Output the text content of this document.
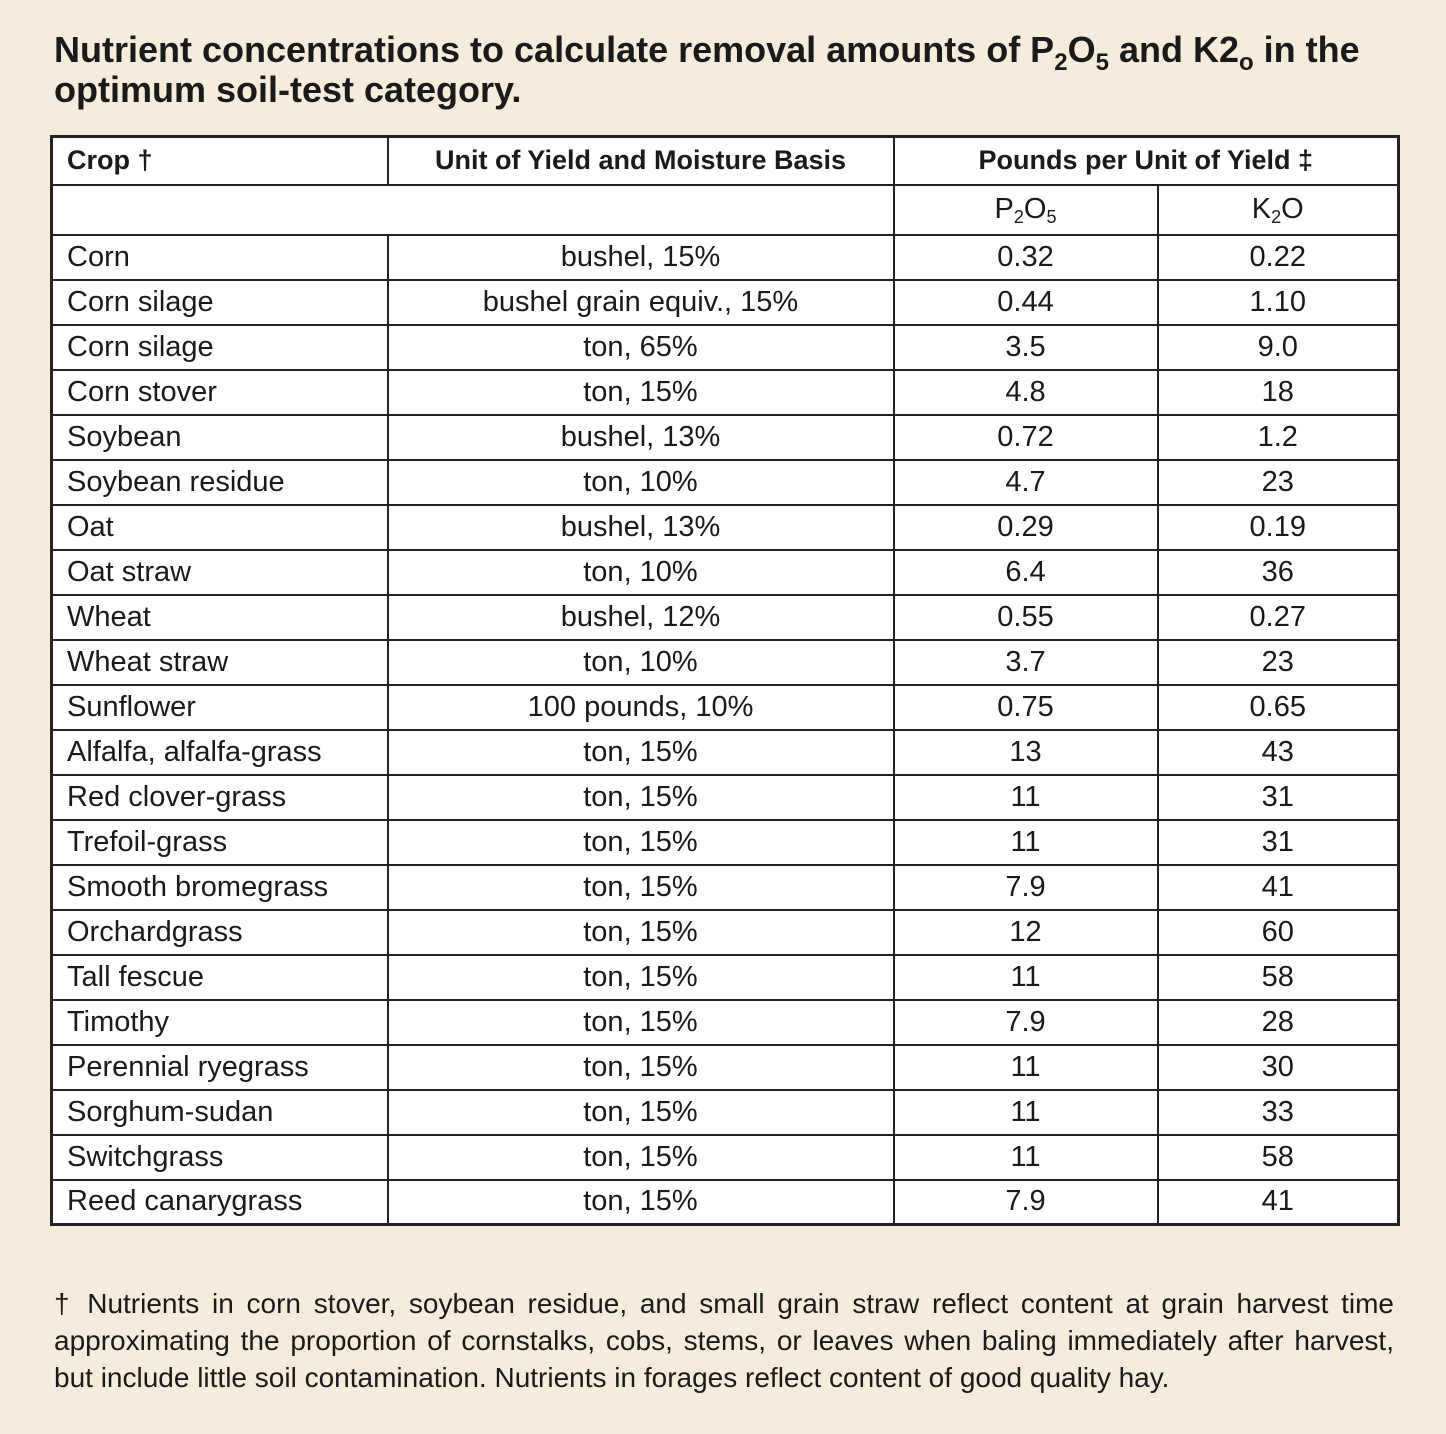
Nutrient concentrations to calculate removal amounts of $P_2O_5$ and $K2_o$ in the optimum soil-test category.
Crop †	Unit of Yield and Moisture Basis	Pounds per Unit of Yield ‡	
		$P_2O_5$	$K_2O$
Corn	bushel, 15%	0.32	0.22
Corn silage	bushel grain equiv., 15%	0.44	1.10
Corn silage	ton, 65%	3.5	9.0
Corn stover	ton, 15%	4.8	18
Soybean	bushel, 13%	0.72	1.2
Soybean residue	ton, 10%	4.7	23
Oat	bushel, 13%	0.29	0.19
Oat straw	ton, 10%	6.4	36
Wheat	bushel, 12%	0.55	0.27
Wheat straw	ton, 10%	3.7	23
Sunflower	100 pounds, 10%	0.75	0.65
Alfalfa, alfalfa-grass	ton, 15%	13	43
Red clover-grass	ton, 15%	11	31
Trefoil-grass	ton, 15%	11	31
Smooth bromegrass	ton, 15%	7.9	41
Orchardgrass	ton, 15%	12	60
Tall fescue	ton, 15%	11	58
Timothy	ton, 15%	7.9	28
Perennial ryegrass	ton, 15%	11	30
Sorghum-sudan	ton, 15%	11	33
Switchgrass	ton, 15%	11	58
Reed canarygrass	ton, 15%	7.9	41

† Nutrients in corn stover, soybean residue, and small grain straw reflect content at grain harvest time approximating the proportion of cornstalks, cobs, stems, or leaves when baling immediately after harvest, but include little soil contamination. Nutrients in forages reflect content of good quality hay.
